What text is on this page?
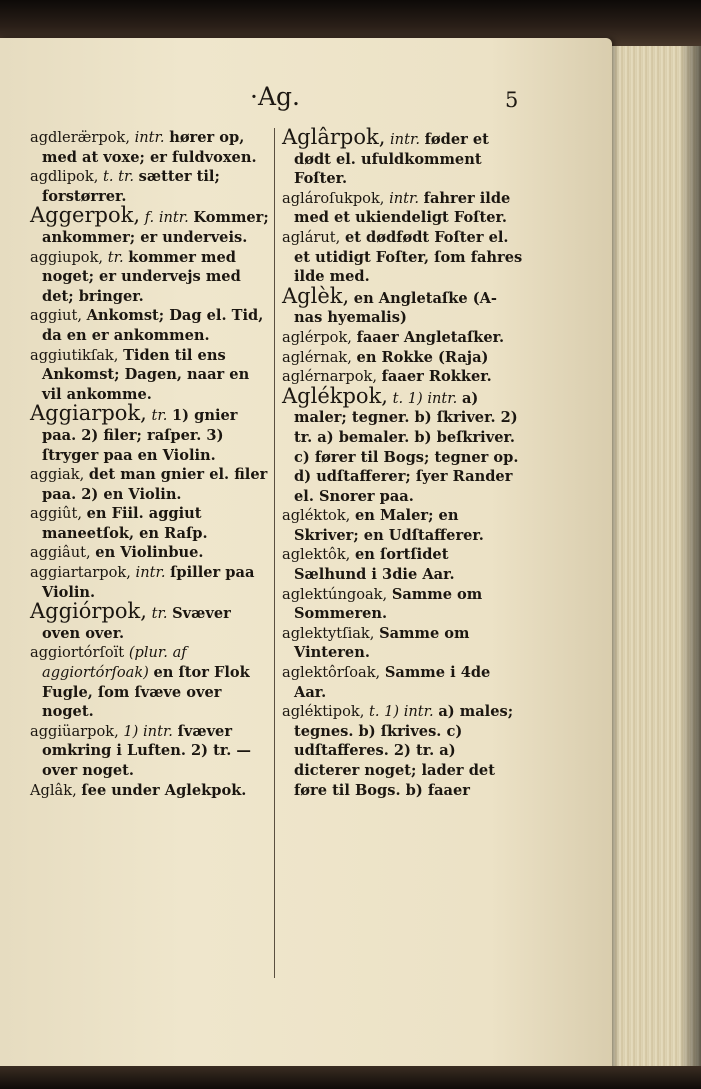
·Ag.	5
agdleræ̈rpok, intr. hører op, med at voxe; er fuldvoxen.
agdlipok, t. tr. sætter til; forstørrer.
Aggerpok, f. intr. Kommer; ankommer; er underveis.
aggiupok, tr. kommer med noget; er undervejs med det; bringer.
aggiut, Ankomst; Dag el. Tid, da en er ankommen.
aggiutikſak, Tiden til ens Ankomst; Dagen, naar en vil ankomme.
Aggiarpok, tr. 1) gnier paa. 2) filer; raſper. 3) ſtryger paa en Violin.
aggiak, det man gnier el. filer paa. 2) en Violin.
aggiût, en Fiil. aggiut maneetſok, en Raſp.
aggiâut, en Violinbue.
aggiartarpok, intr. ſpiller paa Violin.
Aggiórpok, tr. Svæver oven over.
aggiortórſoït (plur. af aggiortórſoak) en ſtor Flok Fugle, ſom ſvæve over noget.
aggiüarpok, 1) intr. ſvæver omkring i Luften. 2) tr. — over noget.
Aglâk, ſee under Aglekpok.
Aglârpok, intr. føder et dødt el. ufuldkomment Foſter.
aglároſukpok, intr. fahrer ilde med et ukiendeligt Foſter.
aglárut, et dødfødt Foſter el. et utidigt Foſter, ſom fahres ilde med.
Aglèk, en Angletaſke (A- nas hyemalis)
aglérpok, faaer Angletaſker.
aglérnak, en Rokke (Raja)
aglérnarpok, faaer Rokker.
Aglékpok, t. 1) intr. a) maler; tegner. b) ſkriver. 2) tr. a) bemaler. b) beſkriver. c) fører til Bogs; tegner op. d) udſtafferer; ſyer Rander el. Snorer paa.
agléktok, en Maler; en Skriver; en Udſtafferer.
aglektôk, en ſortſidet Sælhund i 3die Aar.
aglektúngoak, Samme om Sommeren.
aglektytſiak, Samme om Vinteren.
aglektôrſoak, Samme i 4de Aar.
agléktipok, t. 1) intr. a) males; tegnes. b) ſkrives. c) udſtafferes. 2) tr. a) dicterer noget; lader det føre til Bogs. b) faaer
